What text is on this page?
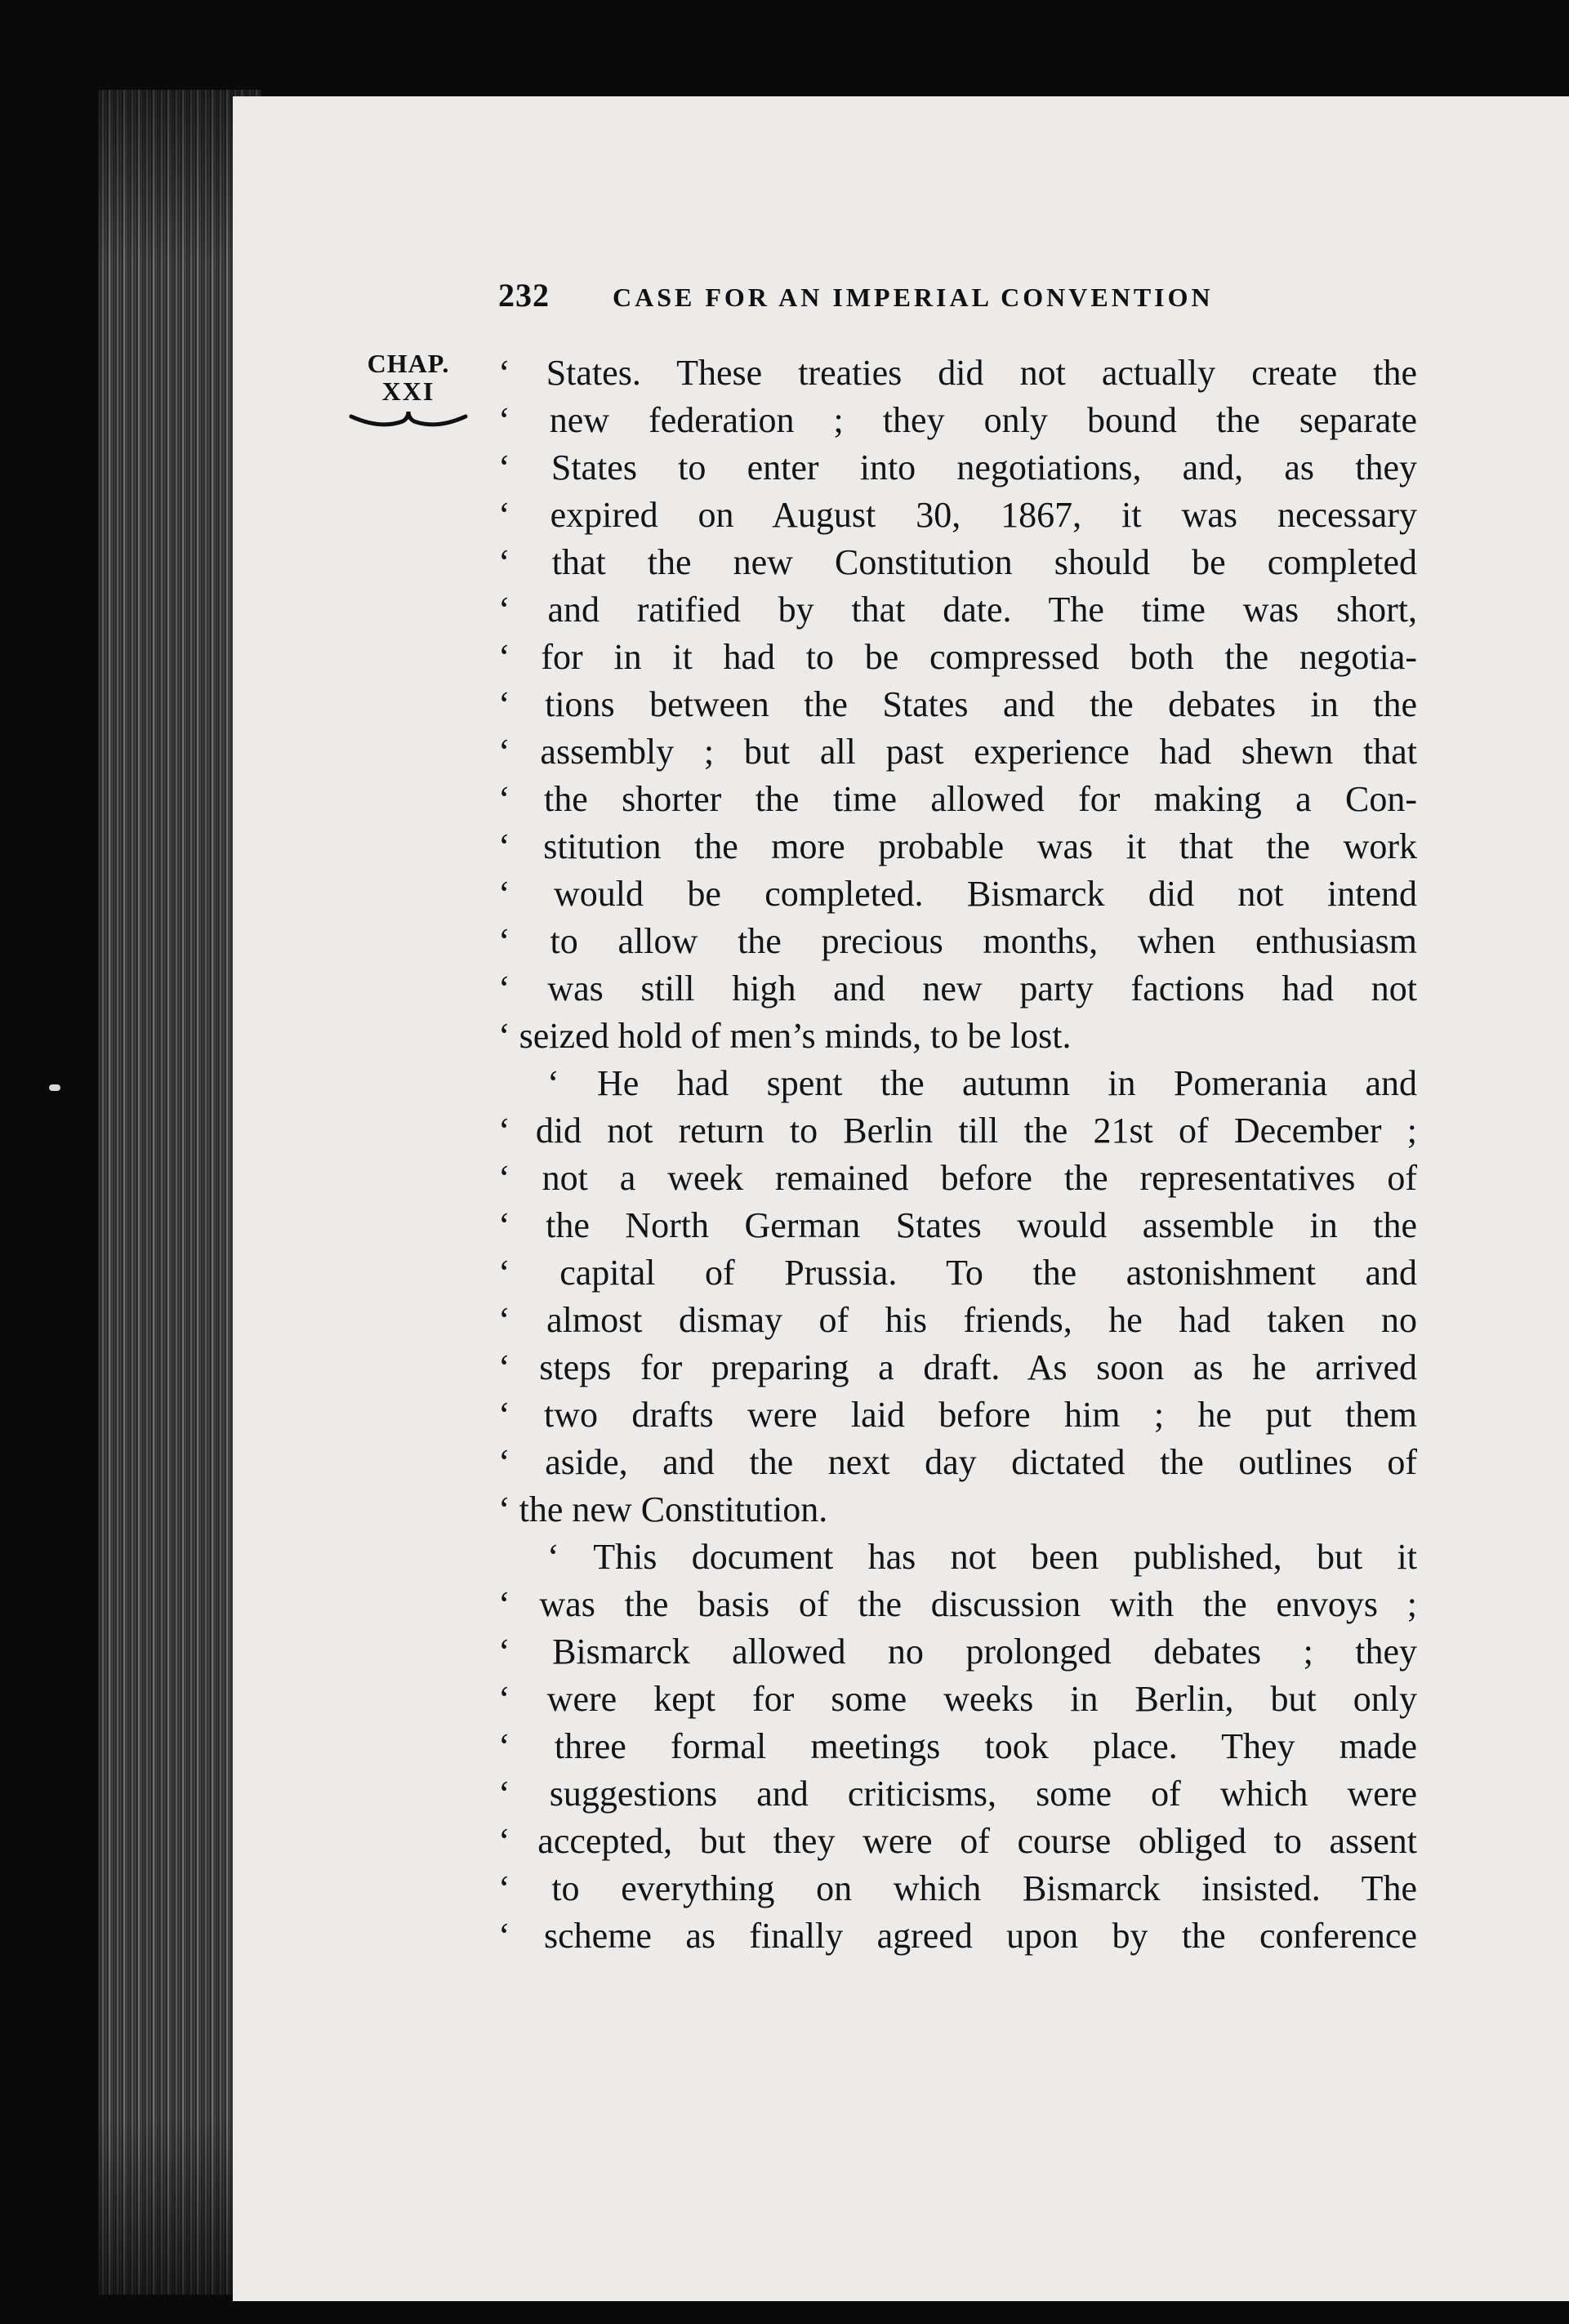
232	CASE FOR AN IMPERIAL CONVENTION
CHAP.
XXI	‘ States. These treaties did not actually create the
‘ new federation ; they only bound the separate
‘ States to enter into negotiations, and, as they
‘ expired on August 30, 1867, it was necessary
‘ that the new Constitution should be completed
‘ and ratified by that date. The time was short,
‘ for in it had to be compressed both the negotia-
‘ tions between the States and the debates in the
‘ assembly ; but all past experience had shewn that
‘ the shorter the time allowed for making a Con-
‘ stitution the more probable was it that the work
‘ would be completed. Bismarck did not intend
‘ to allow the precious months, when enthusiasm
‘ was still high and new party factions had not
‘ seized hold of men’s minds, to be lost.
‘ He had spent the autumn in Pomerania and
‘ did not return to Berlin till the 21st of December ;
‘ not a week remained before the representatives of
‘ the North German States would assemble in the
‘ capital of Prussia. To the astonishment and
‘ almost dismay of his friends, he had taken no
‘ steps for preparing a draft. As soon as he arrived
‘ two drafts were laid before him ; he put them
‘ aside, and the next day dictated the outlines of
‘ the new Constitution.
‘ This document has not been published, but it
‘ was the basis of the discussion with the envoys ;
‘ Bismarck allowed no prolonged debates ; they
‘ were kept for some weeks in Berlin, but only
‘ three formal meetings took place. They made
‘ suggestions and criticisms, some of which were
‘ accepted, but they were of course obliged to assent
‘ to everything on which Bismarck insisted. The
‘ scheme as finally agreed upon by the conference
